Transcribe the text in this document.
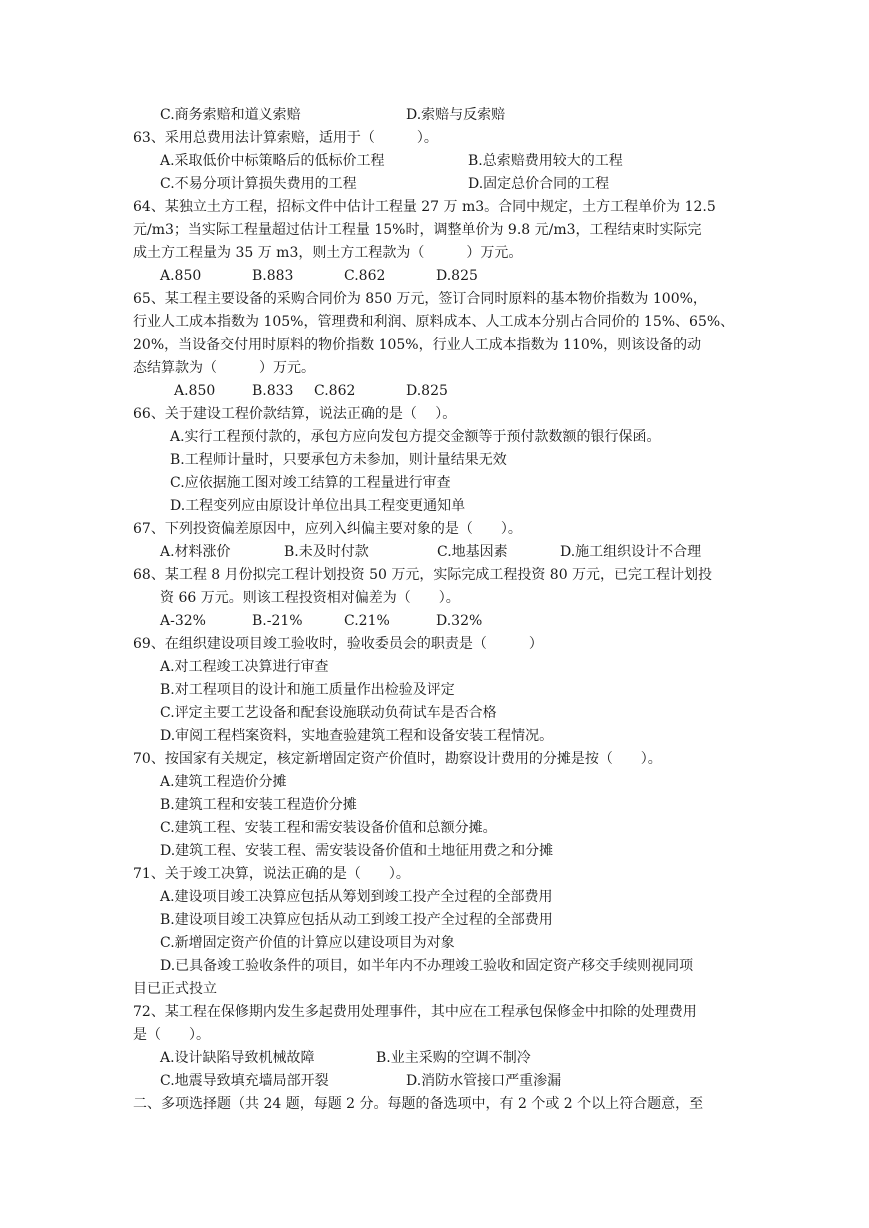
C.商务索赔和道义索赔	D.索赔与反索赔
63、采用总费用法计算索赔，适用于（　　　）。
A.采取低价中标策略后的低标价工程	B.总索赔费用较大的工程
C.不易分项计算损失费用的工程	D.固定总价合同的工程
64、某独立土方工程，招标文件中估计工程量 27 万 m3。合同中规定，土方工程单价为 12.5
元/m3；当实际工程量超过估计工程量 15%时，调整单价为 9.8 元/m3，工程结束时实际完
成土方工程量为 35 万 m3，则土方工程款为（　　　）万元。
A.850	B.883	C.862	D.825
65、某工程主要设备的采购合同价为 850 万元，签订合同时原料的基本物价指数为 100%，
行业人工成本指数为 105%，管理费和利润、原料成本、人工成本分别占合同价的 15%、65%、
20%，当设备交付用时原料的物价指数 105%，行业人工成本指数为 110%，则该设备的动
态结算款为（　　　）万元。
A.850	B.833 C.862	D.825
66、关于建设工程价款结算，说法正确的是（　 ）。
A.实行工程预付款的，承包方应向发包方提交金额等于预付款数额的银行保函。
B.工程师计量时，只要承包方未参加，则计量结果无效
C.应依据施工图对竣工结算的工程量进行审查
D.工程变列应由原设计单位出具工程变更通知单
67、下列投资偏差原因中，应列入纠偏主要对象的是（　　）。
A.材料涨价	B.未及时付款	C.地基因素	D.施工组织设计不合理
68、某工程 8 月份拟完工程计划投资 50 万元，实际完成工程投资 80 万元，已完工程计划投
资 66 万元。则该工程投资相对偏差为（　　）。
A-32%	B.-21%	C.21%	D.32%
69、在组织建设项目竣工验收时，验收委员会的职责是（　　　）
A.对工程竣工决算进行审查
B.对工程项目的设计和施工质量作出检验及评定
C.评定主要工艺设备和配套设施联动负荷试车是否合格
D.审阅工程档案资料，实地查验建筑工程和设备安装工程情况。
70、按国家有关规定，核定新增固定资产价值时，勘察设计费用的分摊是按（　　）。
A.建筑工程造价分摊
B.建筑工程和安装工程造价分摊
C.建筑工程、安装工程和需安装设备价值和总额分摊。
D.建筑工程、安装工程、需安装设备价值和土地征用费之和分摊
71、关于竣工决算，说法正确的是（　　）。
A.建设项目竣工决算应包括从筹划到竣工投产全过程的全部费用
B.建设项目竣工决算应包括从动工到竣工投产全过程的全部费用
C.新增固定资产价值的计算应以建设项目为对象
D.已具备竣工验收条件的项目，如半年内不办理竣工验收和固定资产移交手续则视同项
目已正式投立
72、某工程在保修期内发生多起费用处理事件，其中应在工程承包保修金中扣除的处理费用
是（　　）。
A.设计缺陷导致机械故障	B.业主采购的空调不制冷
C.地震导致填充墙局部开裂	D.消防水管接口严重渗漏
二、多项选择题（共 24 题，每题 2 分。每题的备选项中，有 2 个或 2 个以上符合题意，至
